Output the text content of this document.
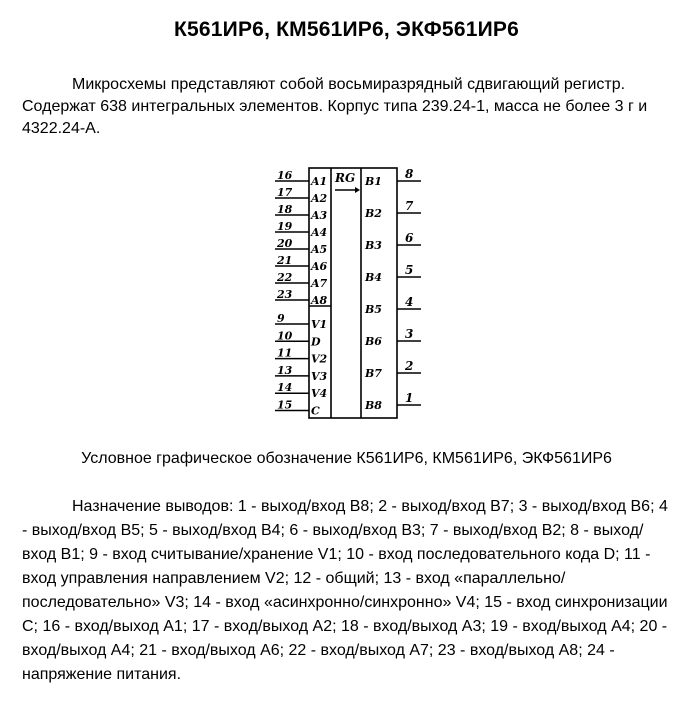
К561ИР6, КМ561ИР6, ЭКФ561ИР6
Микросхемы представляют собой восьмиразрядный сдвигающий регистр. Содержат 638 интегральных элементов. Корпус типа 239.24-1, масса не более 3 г и 4322.24-А.
RG
16 A1
17 A2
18 A3
19 A4
20 A5
21 A6
22 A7
23 A8
9 V1
10 D
11 V2
13 V3
14 V4
15 C
8
B1
7
B2
6
B3
5
B4
4
B5
3
B6
2
B7
1
B8
Условное графическое обозначение К561ИР6, КМ561ИР6, ЭКФ561ИР6
Назначение выводов: 1 - выход/вход B8; 2 - выход/вход B7; 3 - выход/вход B6; 4 - выход/вход B5; 5 - выход/вход B4; 6 - выход/вход B3; 7 - выход/вход B2; 8 - выход/вход B1; 9 - вход считывание/хранение V1; 10 - вход последовательного кода D; 11 - вход управления направлением V2; 12 - общий; 13 - вход «параллельно/последовательно» V3; 14 - вход «асинхронно/синхронно» V4; 15 - вход синхронизации C; 16 - вход/выход A1; 17 - вход/выход A2; 18 - вход/выход A3; 19 - вход/выход A4; 20 - вход/выход A4; 21 - вход/выход A6; 22 - вход/выход A7; 23 - вход/выход A8; 24 - напряжение питания.
